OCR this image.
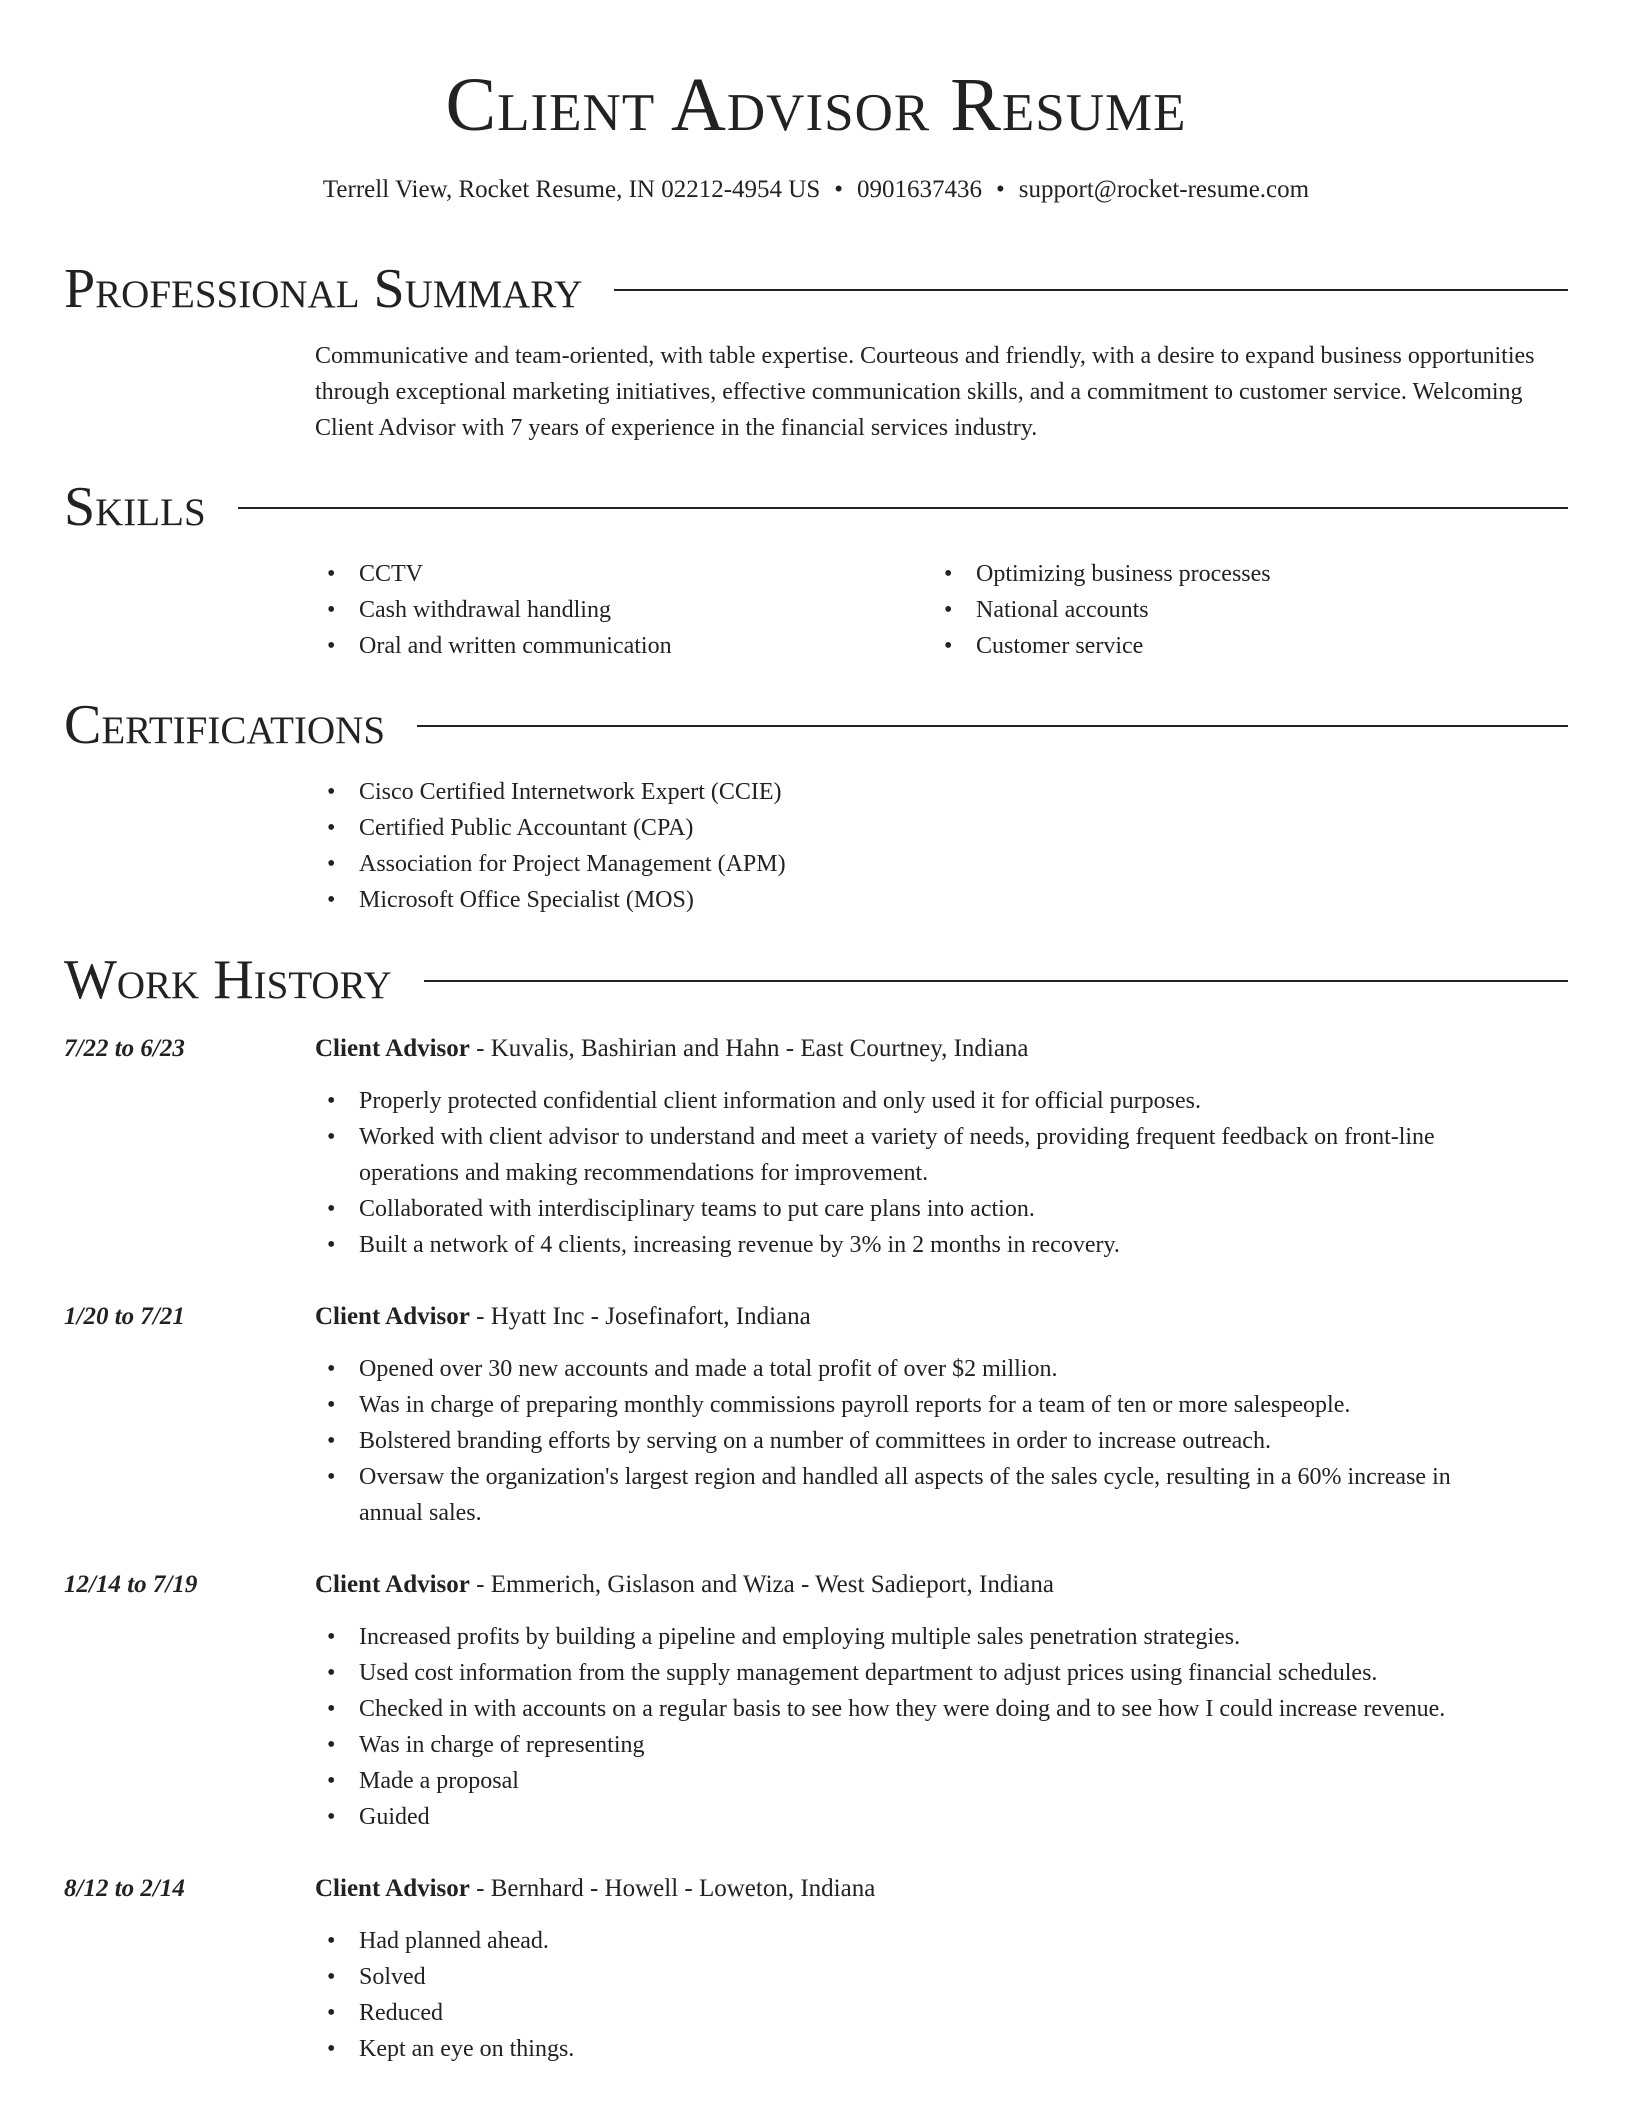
Client Advisor Resume
Terrell View, Rocket Resume, IN 02212-4954 US • 0901637436 • support@rocket-resume.com
Professional Summary
Communicative and team-oriented, with table expertise. Courteous and friendly, with a desire to expand business opportunities through exceptional marketing initiatives, effective communication skills, and a commitment to customer service. Welcoming Client Advisor with 7 years of experience in the financial services industry.
Skills
• CCTV
• Cash withdrawal handling
• Oral and written communication
• Optimizing business processes
• National accounts
• Customer service
Certifications
• Cisco Certified Internetwork Expert (CCIE)
• Certified Public Accountant (CPA)
• Association for Project Management (APM)
• Microsoft Office Specialist (MOS)
Work History
7/22 to 6/23	Client Advisor - Kuvalis, Bashirian and Hahn - East Courtney, Indiana
• Properly protected confidential client information and only used it for official purposes.
• Worked with client advisor to understand and meet a variety of needs, providing frequent feedback on front-line operations and making recommendations for improvement.
• Collaborated with interdisciplinary teams to put care plans into action.
• Built a network of 4 clients, increasing revenue by 3% in 2 months in recovery.
1/20 to 7/21	Client Advisor - Hyatt Inc - Josefinafort, Indiana
• Opened over 30 new accounts and made a total profit of over $2 million.
• Was in charge of preparing monthly commissions payroll reports for a team of ten or more salespeople.
• Bolstered branding efforts by serving on a number of committees in order to increase outreach.
• Oversaw the organization's largest region and handled all aspects of the sales cycle, resulting in a 60% increase in annual sales.
12/14 to 7/19	Client Advisor - Emmerich, Gislason and Wiza - West Sadieport, Indiana
• Increased profits by building a pipeline and employing multiple sales penetration strategies.
• Used cost information from the supply management department to adjust prices using financial schedules.
• Checked in with accounts on a regular basis to see how they were doing and to see how I could increase revenue.
• Was in charge of representing
• Made a proposal
• Guided
8/12 to 2/14	Client Advisor - Bernhard - Howell - Loweton, Indiana
• Had planned ahead.
• Solved
• Reduced
• Kept an eye on things.
